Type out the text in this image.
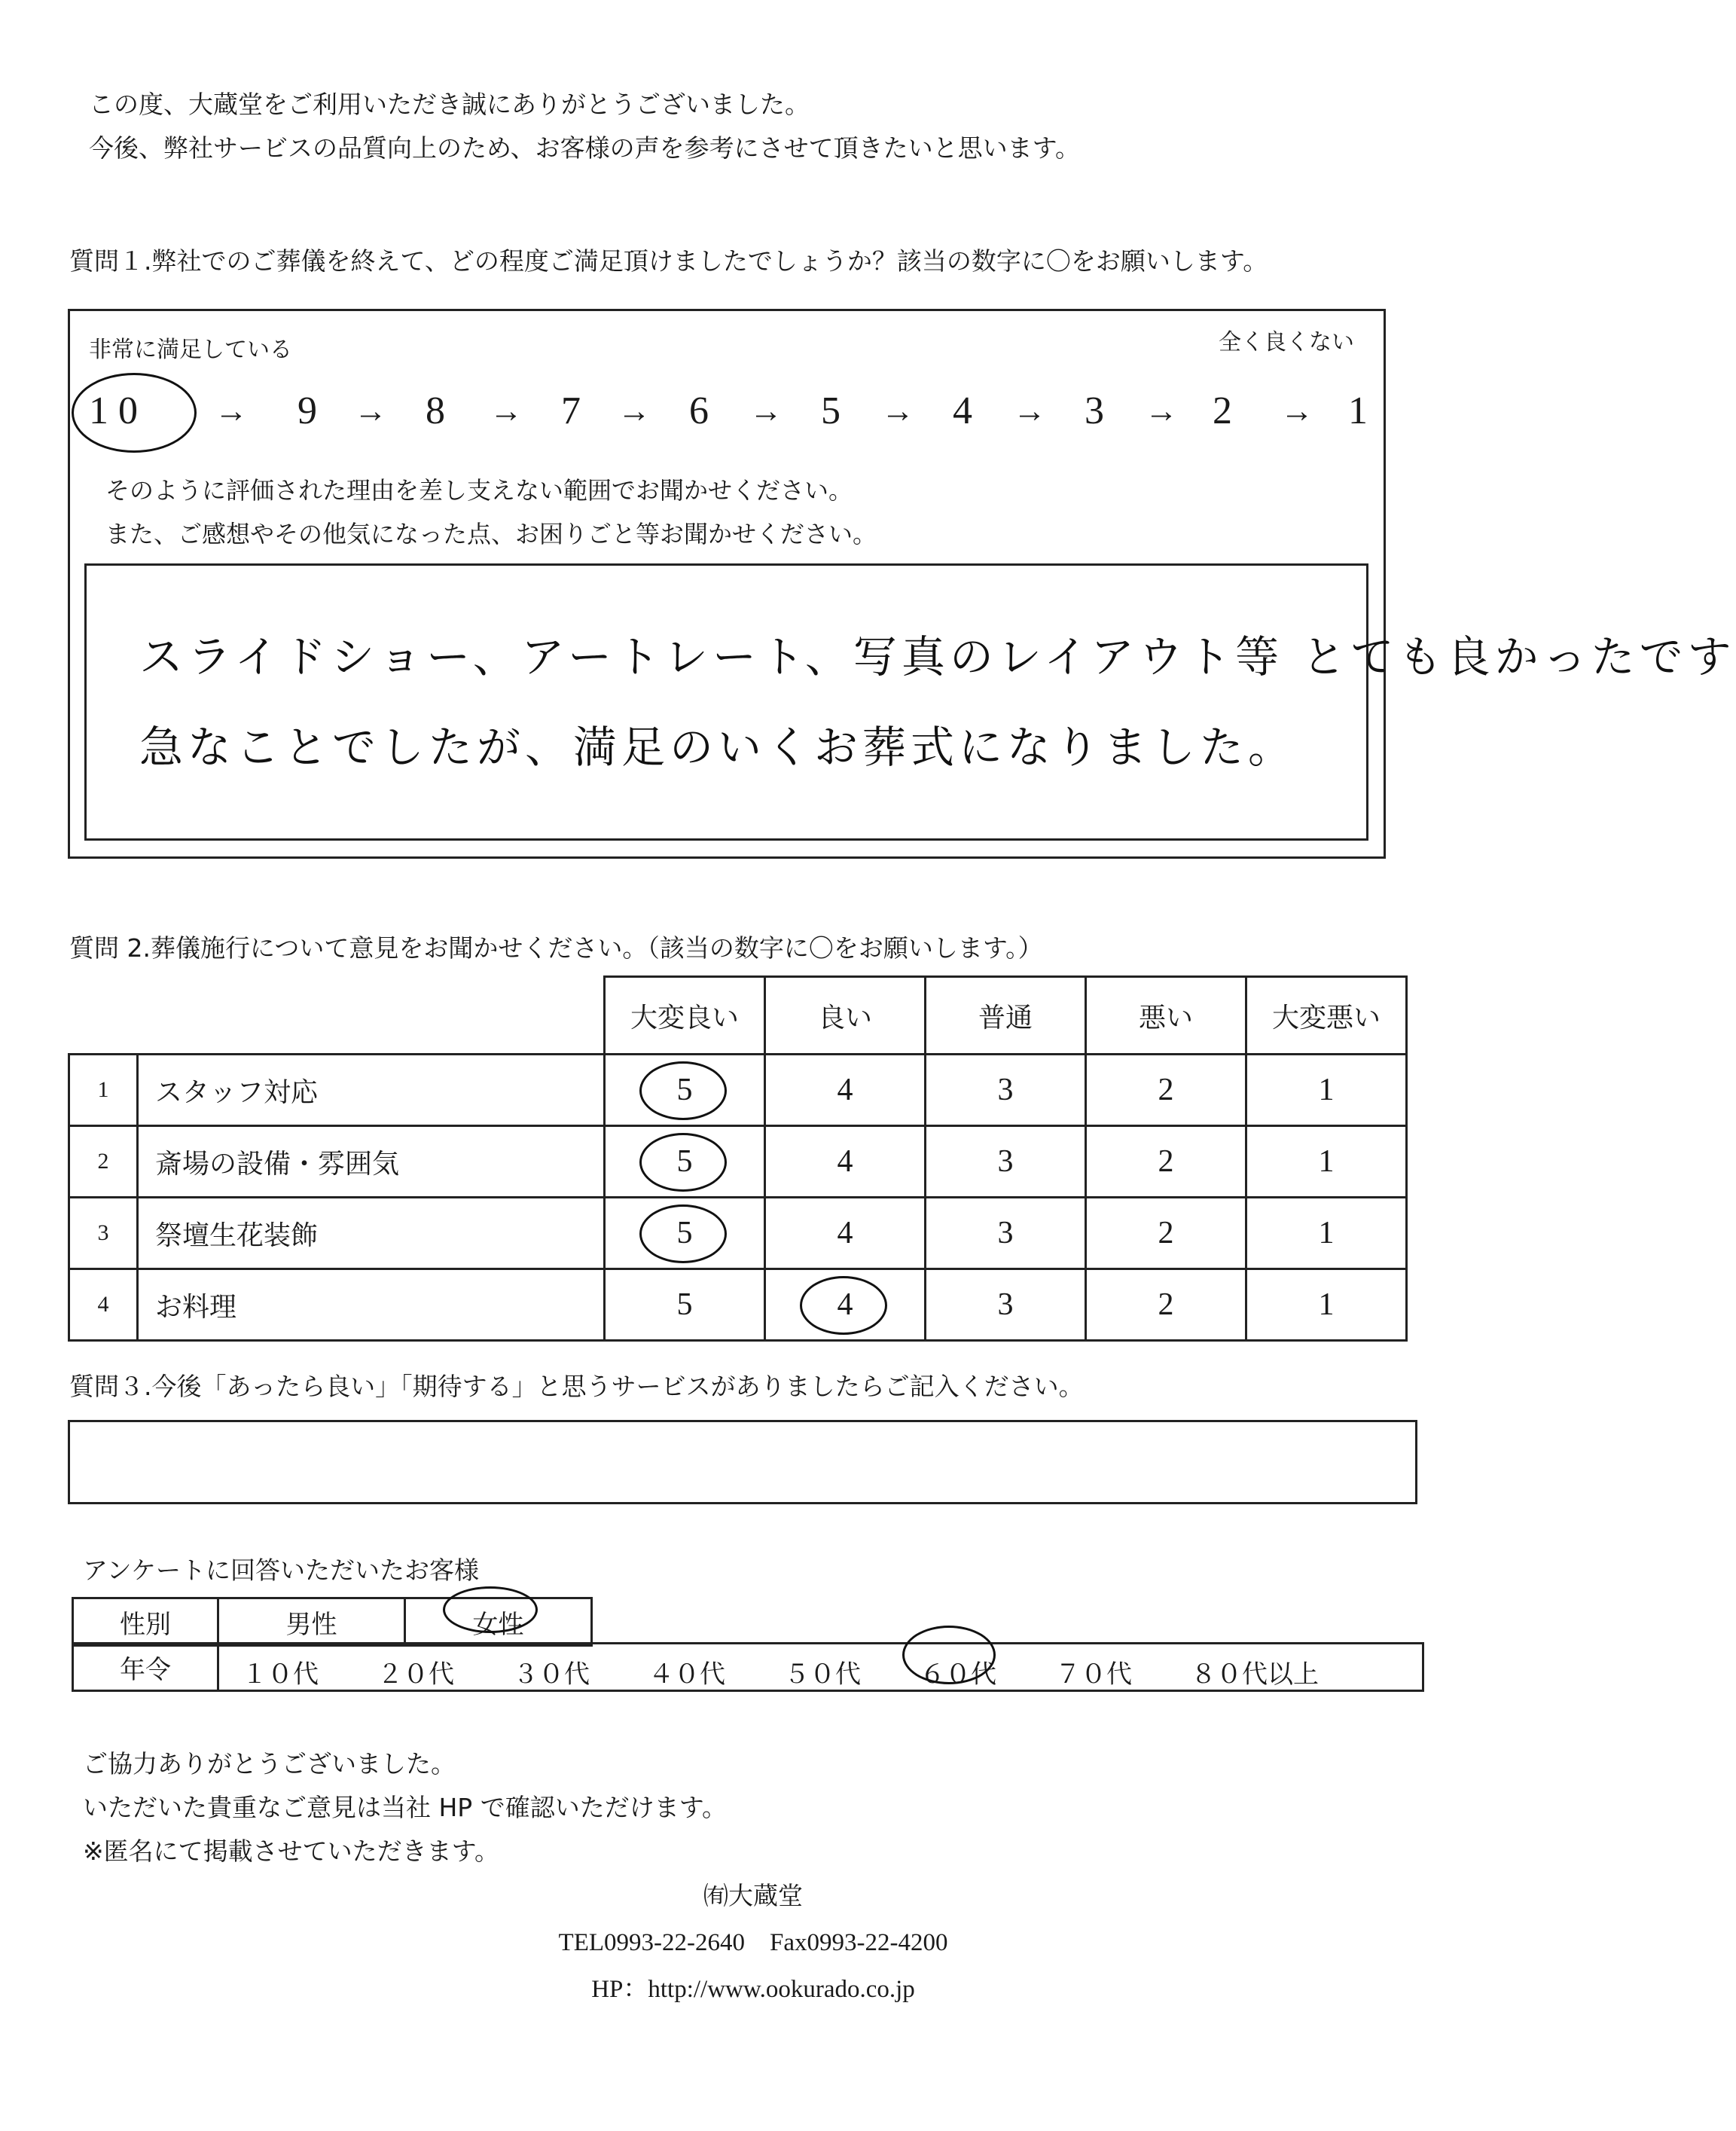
この度、大蔵堂をご利用いただき誠にありがとうございました。
今後、弊社サービスの品質向上のため、お客様の声を参考にさせて頂きたいと思います。
質問１.弊社でのご葬儀を終えて、どの程度ご満足頂けましたでしょうか？該当の数字に〇をお願いします。
非常に満足している	全く良くない
1 0	9	8	7	6	5	4	3	2	1
→	→	→	→	→	→	→	→	→
そのように評価された理由を差し支えない範囲でお聞かせください。
また、ご感想やその他気になった点、お困りごと等お聞かせください。
スライドショー、アートレート、写真のレイアウト等 とても良かったです
急なことでしたが、満足のいくお葬式になりました。
質問 2.葬儀施行について意見をお聞かせください。（該当の数字に〇をお願いします。）
		大変良い	良い	普通	悪い	大変悪い
1	スタッフ対応	5	4	3	2	1
2	斎場の設備・雰囲気	5	4	3	2	1
3	祭壇生花装飾	5	4	3	2	1
4	お料理	5	4	3	2	1
質問３.今後「あったら良い」「期待する」と思うサービスがありましたらご記入ください。
アンケートに回答いただいたお客様
性別	男性	女性
年令	１０代 ２０代 ３０代 ４０代 ５０代 ６０代 ７０代 ８０代以上
ご協力ありがとうございました。
いただいた貴重なご意見は当社 HP で確認いただけます。
※匿名にて掲載させていただきます。
㈲大蔵堂
TEL0993-22-2640　Fax0993-22-4200
HP：http://www.ookurado.co.jp
